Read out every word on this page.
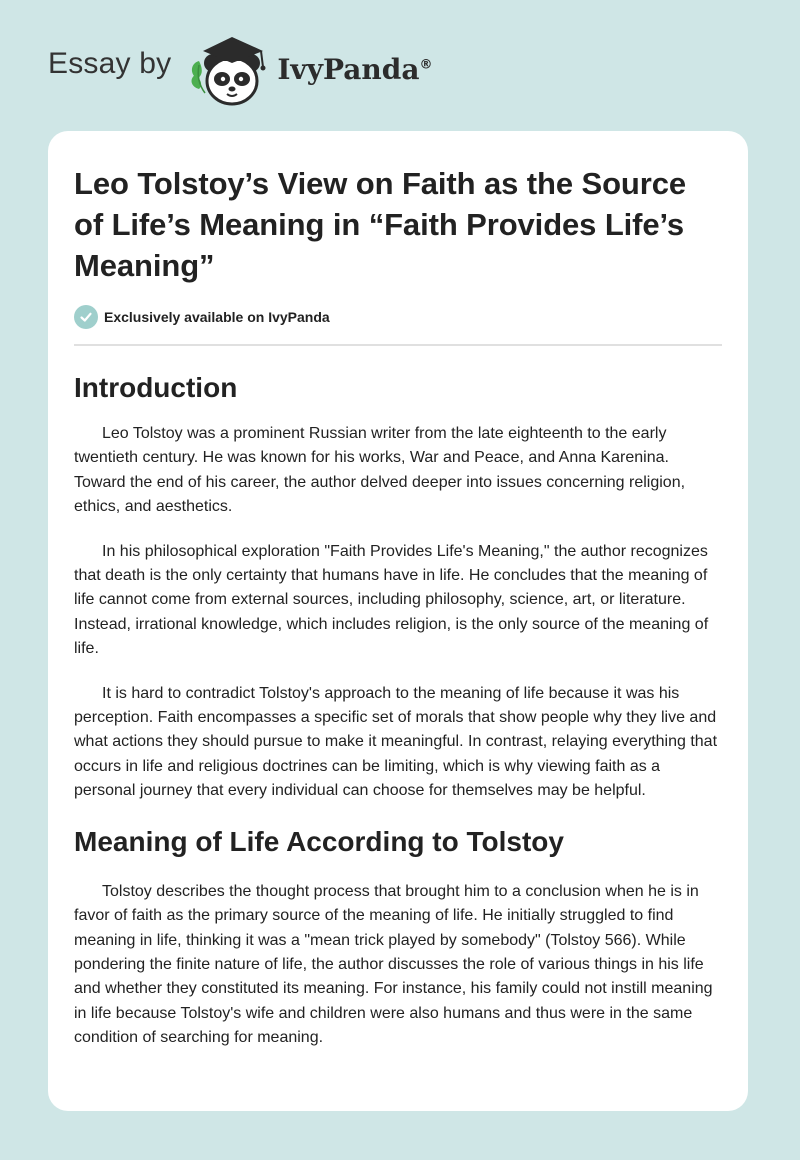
Essay by	IvyPanda®
Leo Tolstoy’s View on Faith as the Source of Life’s Meaning in “Faith Provides Life’s Meaning”
Exclusively available on IvyPanda
Introduction

Leo Tolstoy was a prominent Russian writer from the late eighteenth to the early twentieth century. He was known for his works, War and Peace, and Anna Karenina. Toward the end of his career, the author delved deeper into issues concerning religion, ethics, and aesthetics.

In his philosophical exploration "Faith Provides Life's Meaning," the author recognizes that death is the only certainty that humans have in life. He concludes that the meaning of life cannot come from external sources, including philosophy, science, art, or literature. Instead, irrational knowledge, which includes religion, is the only source of the meaning of life.

It is hard to contradict Tolstoy's approach to the meaning of life because it was his perception. Faith encompasses a specific set of morals that show people why they live and what actions they should pursue to make it meaningful. In contrast, relaying everything that occurs in life and religious doctrines can be limiting, which is why viewing faith as a personal journey that every individual can choose for themselves may be helpful.

Meaning of Life According to Tolstoy

Tolstoy describes the thought process that brought him to a conclusion when he is in favor of faith as the primary source of the meaning of life. He initially struggled to find meaning in life, thinking it was a "mean trick played by somebody" (Tolstoy 566). While pondering the finite nature of life, the author discusses the role of various things in his life and whether they constituted its meaning. For instance, his family could not instill meaning in life because Tolstoy's wife and children were also humans and thus were in the same condition of searching for meaning.
